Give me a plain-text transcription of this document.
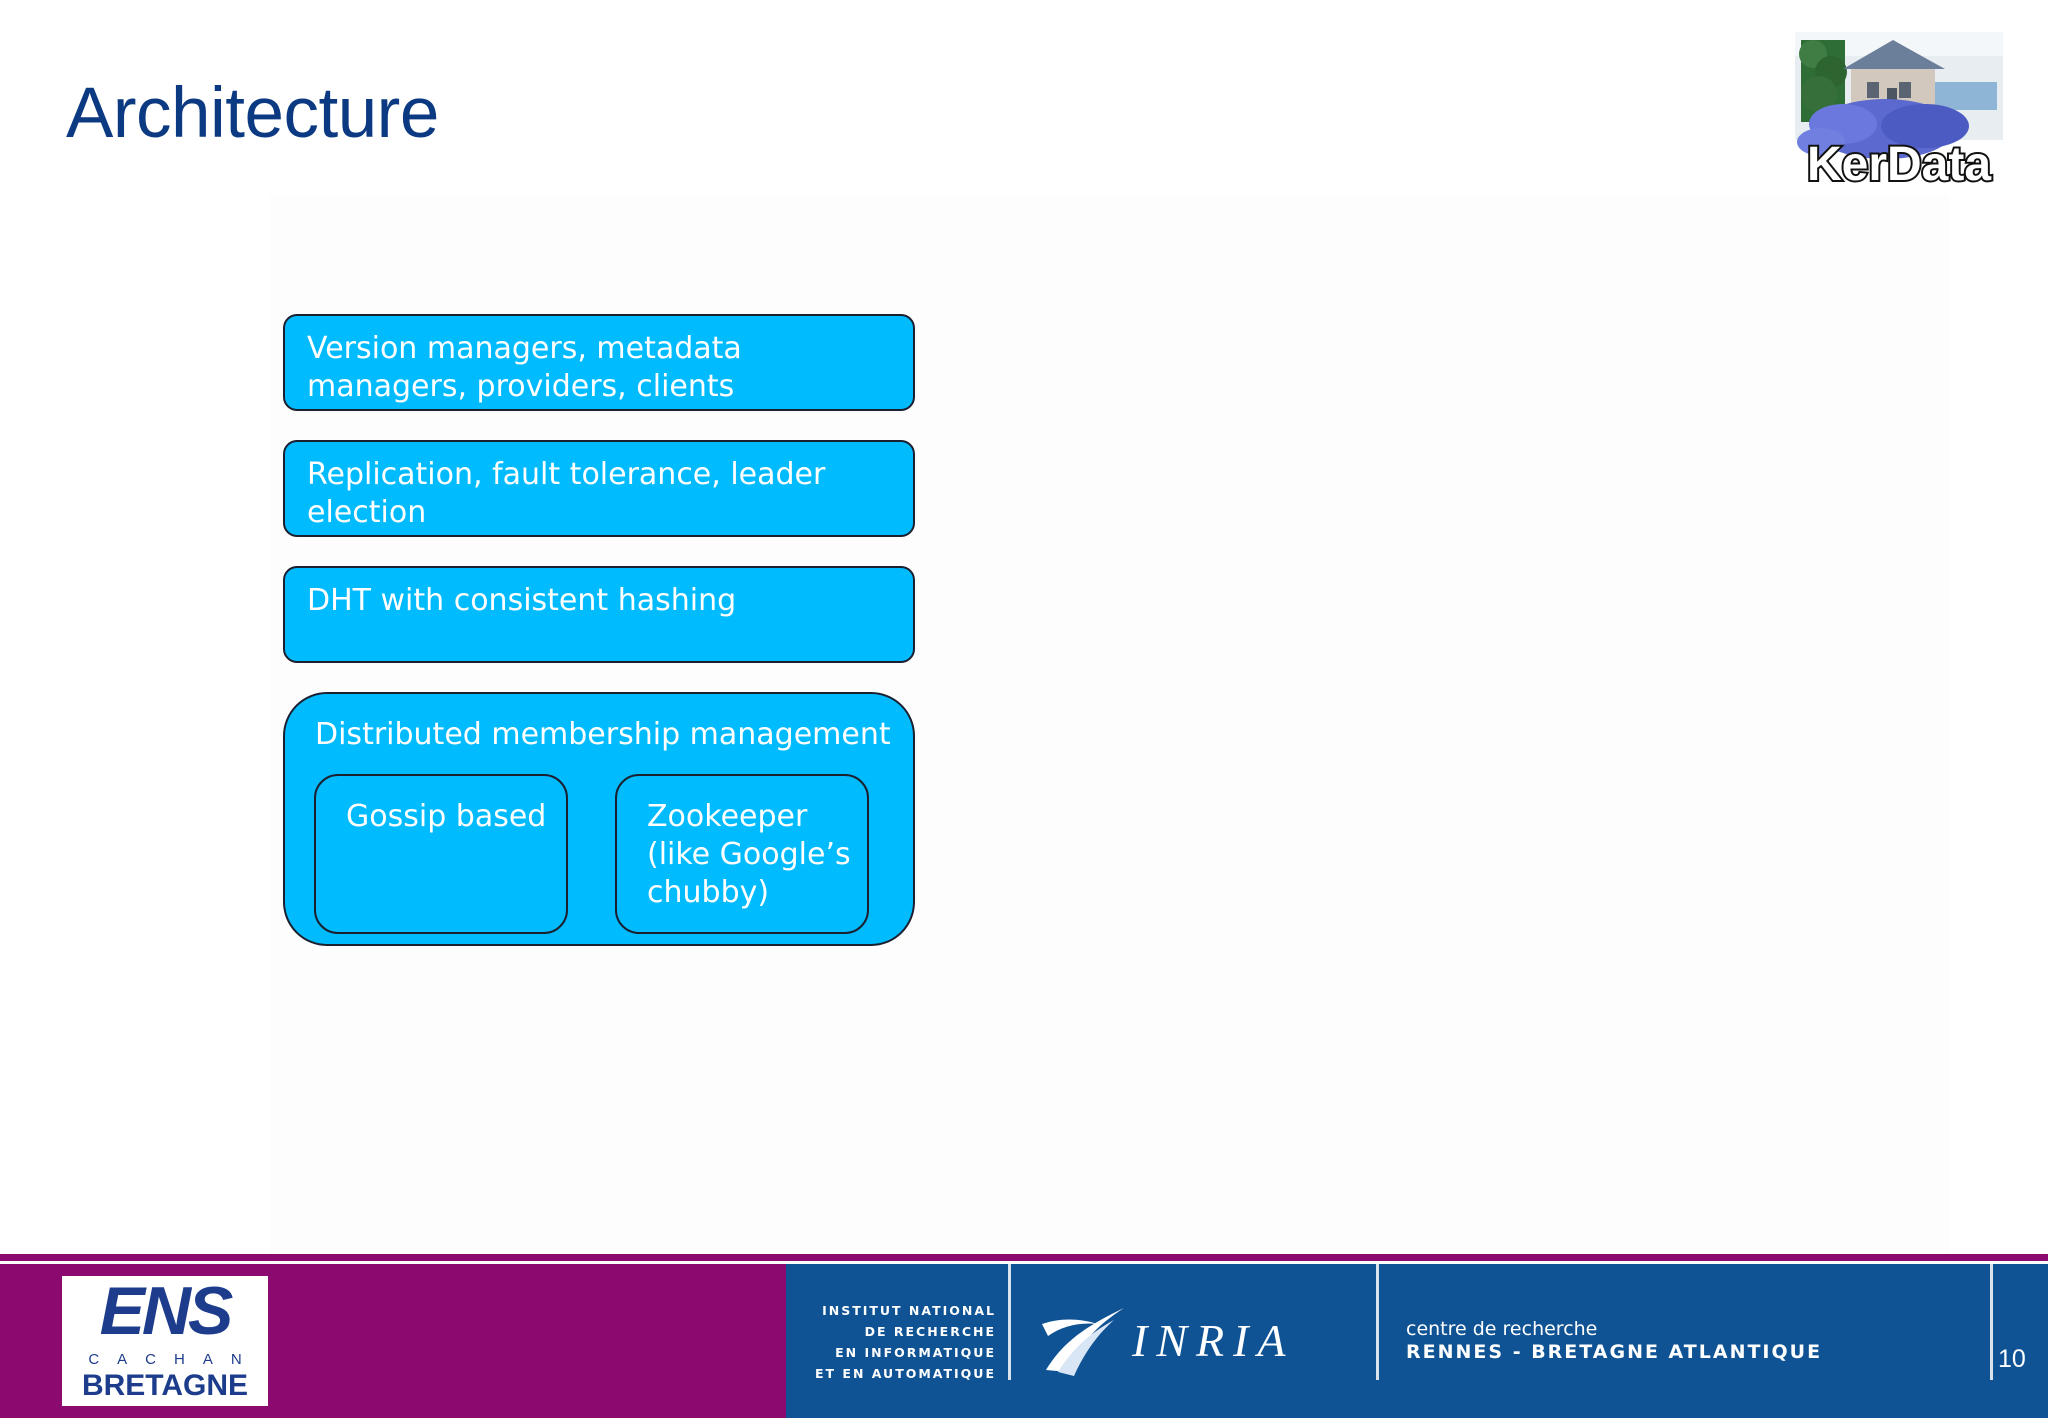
Architecture
KerData
Version managers, metadata managers, providers, clients
Replication, fault tolerance, leader election
DHT with consistent hashing
Distributed membership management
Gossip based	Zookeeper (like Google’s chubby)
ENS
CACHAN
BRETAGNE
INSTITUT NATIONAL
DE RECHERCHE
EN INFORMATIQUE
ET EN AUTOMATIQUE
INRIA	centre de recherche
RENNES - BRETAGNE ATLANTIQUE	10
